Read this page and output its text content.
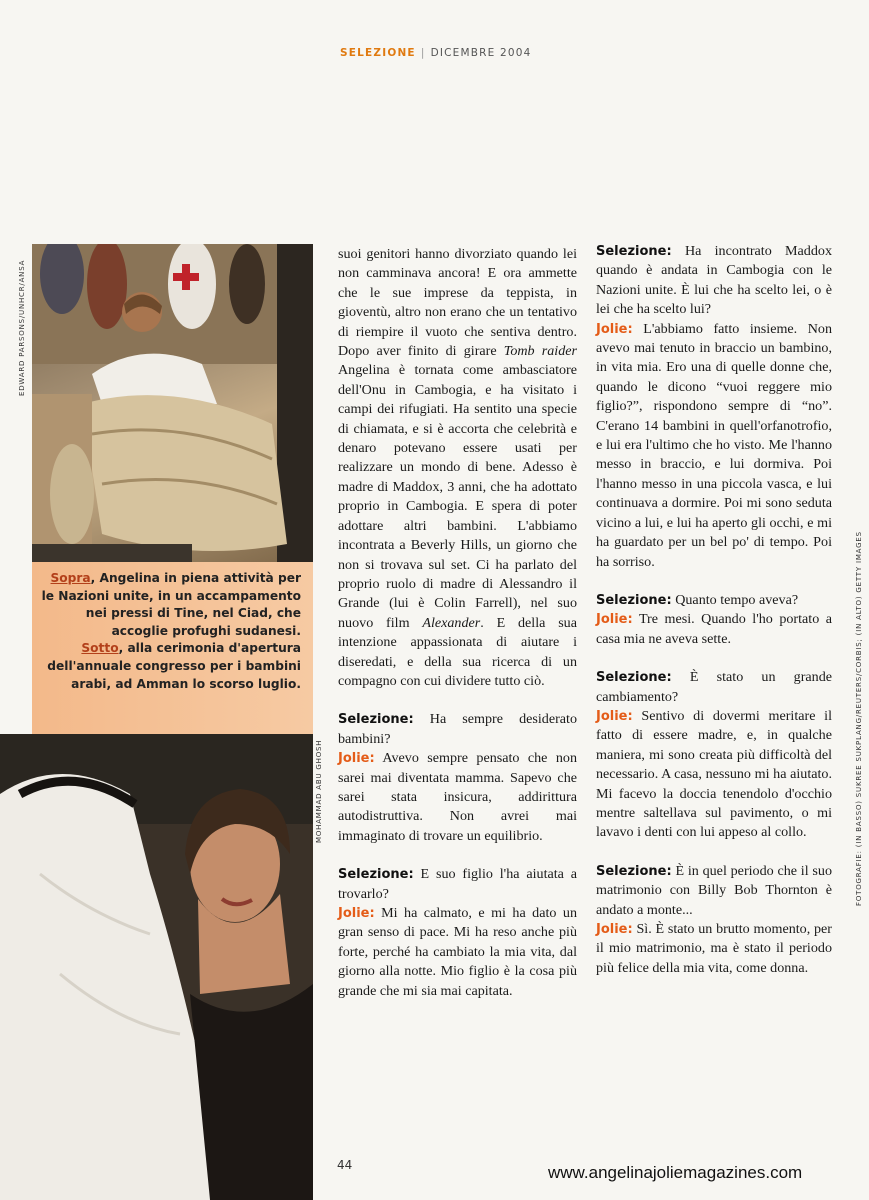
SELEZIONE | DICEMBRE 2004
EDWARD PARSONS/UNHCR/ANSA
Sopra, Angelina in piena attività per le Nazioni unite, in un accampamento nei pressi di Tine, nel Ciad, che accoglie profughi sudanesi.
Sotto, alla cerimonia d'apertura dell'annuale congresso per i bambini arabi, ad Amman lo scorso luglio.
MOHAMMAD ABU GHOSH	FOTOGRAFIE: (IN BASSO) SUKREE SUKPLANG/REUTERS/CORBIS; (IN ALTO) GETTY IMAGES

suoi genitori hanno divorziato quando lei non camminava ancora! E ora ammette che le sue imprese da teppista, in gioventù, altro non erano che un tentativo di riempire il vuoto che sentiva dentro. Dopo aver finito di girare Tomb raider Angelina è tornata come ambasciatore dell'Onu in Cambogia, e ha visitato i campi dei rifugiati. Ha sentito una specie di chiamata, e si è accorta che celebrità e denaro potevano essere usati per realizzare un mondo di bene. Adesso è madre di Maddox, 3 anni, che ha adottato proprio in Cambogia. E spera di poter adottare altri bambini. L'abbiamo incontrata a Beverly Hills, un giorno che non si trovava sul set. Ci ha parlato del proprio ruolo di madre di Alessandro il Grande (lui è Colin Farrell), nel suo nuovo film Alexander. E della sua intenzione appassionata di aiutare i diseredati, e della sua ricerca di un compagno con cui dividere tutto ciò.

Selezione: Ha sempre desiderato bambini?

Jolie: Avevo sempre pensato che non sarei mai diventata mamma. Sapevo che sarei stata insicura, addirittura autodistruttiva. Non avrei mai immaginato di trovare un equilibrio.

Selezione: E suo figlio l'ha aiutata a trovarlo?

Jolie: Mi ha calmato, e mi ha dato un gran senso di pace. Mi ha reso anche più forte, perché ha cambiato la mia vita, dal giorno alla notte. Mio figlio è la cosa più grande che mi sia mai capitata.

Selezione: Ha incontrato Maddox quando è andata in Cambogia con le Nazioni unite. È lui che ha scelto lei, o è lei che ha scelto lui?

Jolie: L'abbiamo fatto insieme. Non avevo mai tenuto in braccio un bambino, in vita mia. Ero una di quelle donne che, quando le dicono “vuoi reggere mio figlio?”, rispondono sempre di “no”. C'erano 14 bambini in quell'orfanotrofio, e lui era l'ultimo che ho visto. Me l'hanno messo in braccio, e lui dormiva. Poi l'hanno messo in una piccola vasca, e lui continuava a dormire. Poi mi sono seduta vicino a lui, e lui ha aperto gli occhi, e mi ha guardato per un bel po' di tempo. Poi ha sorriso.

Selezione: Quanto tempo aveva?

Jolie: Tre mesi. Quando l'ho portato a casa mia ne aveva sette.

Selezione: È stato un grande cambiamento?

Jolie: Sentivo di dovermi meritare il fatto di essere madre, e, in qualche maniera, mi sono creata più difficoltà del necessario. A casa, nessuno mi ha aiutato. Mi facevo la doccia tenendolo d'occhio mentre saltellava sul pavimento, o mi lavavo i denti con lui appeso al collo.

Selezione: È in quel periodo che il suo matrimonio con Billy Bob Thornton è andato a monte...

Jolie: Sì. È stato un brutto momento, per il mio matrimonio, ma è stato il periodo più felice della mia vita, come donna.

44	www.angelinajoliemagazines.com
